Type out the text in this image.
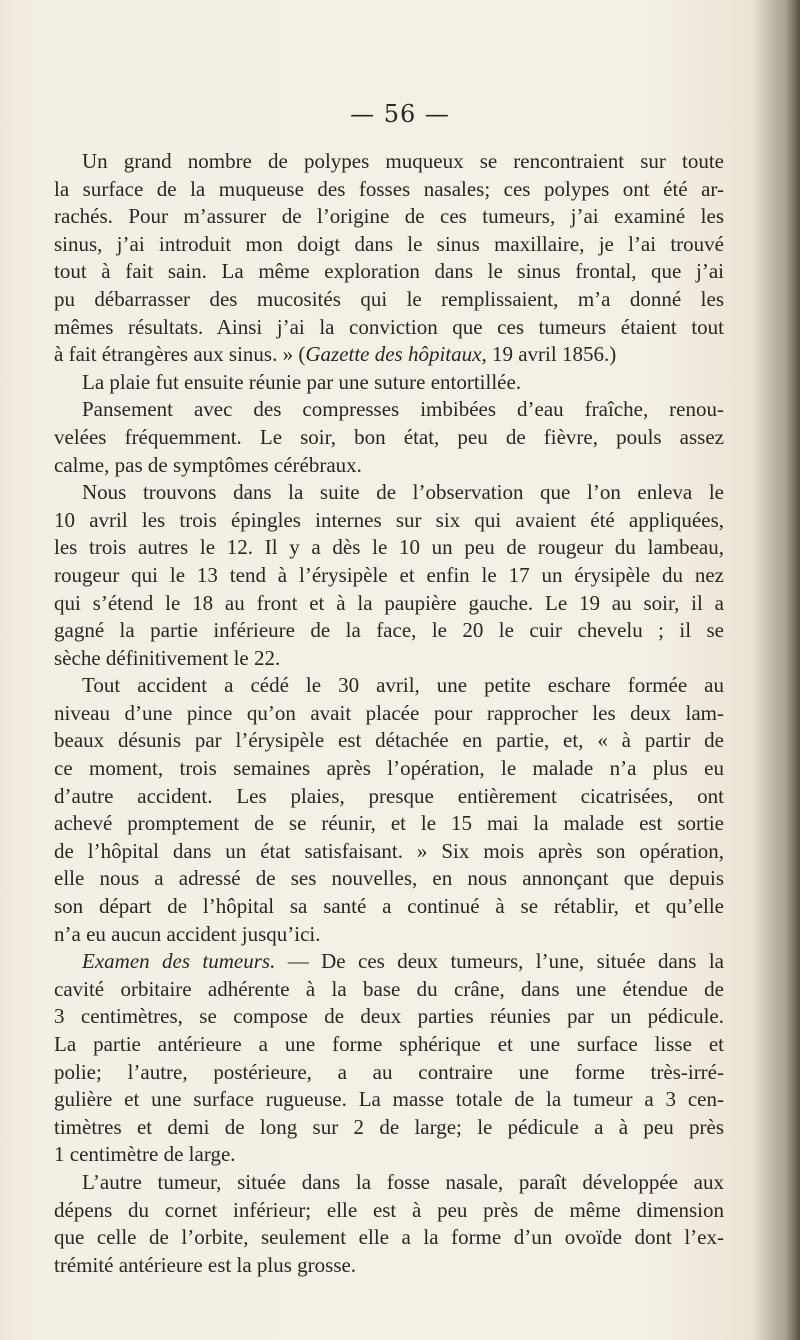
— 56 —

Un grand nombre de polypes muqueux se rencontraient sur toute

la surface de la muqueuse des fosses nasales; ces polypes ont été ar-

rachés. Pour m’assurer de l’origine de ces tumeurs, j’ai examiné les

sinus, j’ai introduit mon doigt dans le sinus maxillaire, je l’ai trouvé

tout à fait sain. La même exploration dans le sinus frontal, que j’ai

pu débarrasser des mucosités qui le remplissaient, m’a donné les

mêmes résultats. Ainsi j’ai la conviction que ces tumeurs étaient tout

à fait étrangères aux sinus. » (Gazette des hôpitaux, 19 avril 1856.)

La plaie fut ensuite réunie par une suture entortillée.

Pansement avec des compresses imbibées d’eau fraîche, renou-

velées fréquemment. Le soir, bon état, peu de fièvre, pouls assez

calme, pas de symptômes cérébraux.

Nous trouvons dans la suite de l’observation que l’on enleva le

10 avril les trois épingles internes sur six qui avaient été appliquées,

les trois autres le 12. Il y a dès le 10 un peu de rougeur du lambeau,

rougeur qui le 13 tend à l’érysipèle et enfin le 17 un érysipèle du nez

qui s’étend le 18 au front et à la paupière gauche. Le 19 au soir, il a

gagné la partie inférieure de la face, le 20 le cuir chevelu ; il se

sèche définitivement le 22.

Tout accident a cédé le 30 avril, une petite eschare formée au

niveau d’une pince qu’on avait placée pour rapprocher les deux lam-

beaux désunis par l’érysipèle est détachée en partie, et, « à partir de

ce moment, trois semaines après l’opération, le malade n’a plus eu

d’autre accident. Les plaies, presque entièrement cicatrisées, ont

achevé promptement de se réunir, et le 15 mai la malade est sortie

de l’hôpital dans un état satisfaisant. » Six mois après son opération,

elle nous a adressé de ses nouvelles, en nous annonçant que depuis

son départ de l’hôpital sa santé a continué à se rétablir, et qu’elle

n’a eu aucun accident jusqu’ici.

Examen des tumeurs. — De ces deux tumeurs, l’une, située dans la

cavité orbitaire adhérente à la base du crâne, dans une étendue de

3 centimètres, se compose de deux parties réunies par un pédicule.

La partie antérieure a une forme sphérique et une surface lisse et

polie; l’autre, postérieure, a au contraire une forme très-irré-

gulière et une surface rugueuse. La masse totale de la tumeur a 3 cen-

timètres et demi de long sur 2 de large; le pédicule a à peu près

1 centimètre de large.

L’autre tumeur, située dans la fosse nasale, paraît développée aux

dépens du cornet inférieur; elle est à peu près de même dimension

que celle de l’orbite, seulement elle a la forme d’un ovoïde dont l’ex-

trémité antérieure est la plus grosse.
